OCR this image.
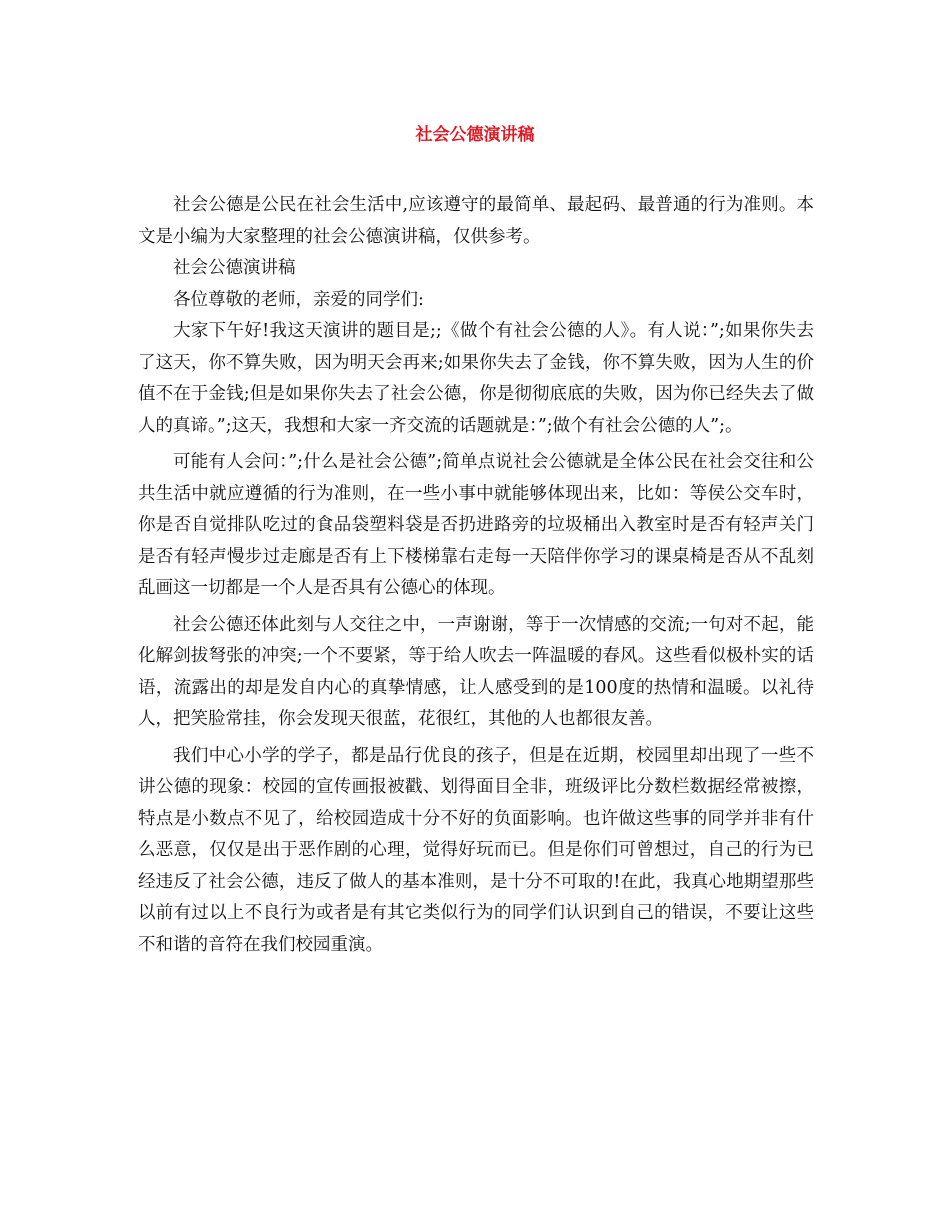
社会公德演讲稿

社会公德是公民在社会生活中,应该遵守的最简单、最起码、最普通的行为准则。本文是小编为大家整理的社会公德演讲稿，仅供参考。

社会公德演讲稿

各位尊敬的老师，亲爱的同学们:

大家下午好!我这天演讲的题目是;;《做个有社会公德的人》。有人说：”;如果你失去了这天，你不算失败，因为明天会再来;如果你失去了金钱，你不算失败，因为人生的价值不在于金钱;但是如果你失去了社会公德，你是彻彻底底的失败，因为你已经失去了做人的真谛。”;这天，我想和大家一齐交流的话题就是：”;做个有社会公德的人”;。

可能有人会问：”;什么是社会公德”;简单点说社会公德就是全体公民在社会交往和公共生活中就应遵循的行为准则，在一些小事中就能够体现出来，比如：等侯公交车时，你是否自觉排队吃过的食品袋塑料袋是否扔进路旁的垃圾桶出入教室时是否有轻声关门是否有轻声慢步过走廊是否有上下楼梯靠右走每一天陪伴你学习的课桌椅是否从不乱刻乱画这一切都是一个人是否具有公德心的体现。

社会公德还体此刻与人交往之中，一声谢谢，等于一次情感的交流;一句对不起，能化解剑拔弩张的冲突;一个不要紧，等于给人吹去一阵温暖的春风。这些看似极朴实的话语，流露出的却是发自内心的真挚情感，让人感受到的是100度的热情和温暖。以礼待人，把笑脸常挂，你会发现天很蓝，花很红，其他的人也都很友善。

我们中心小学的学子，都是品行优良的孩子，但是在近期，校园里却出现了一些不讲公德的现象：校园的宣传画报被戳、划得面目全非，班级评比分数栏数据经常被擦，特点是小数点不见了，给校园造成十分不好的负面影响。也许做这些事的同学并非有什么恶意，仅仅是出于恶作剧的心理，觉得好玩而已。但是你们可曾想过，自己的行为已经违反了社会公德，违反了做人的基本准则，是十分不可取的!在此，我真心地期望那些以前有过以上不良行为或者是有其它类似行为的同学们认识到自己的错误，不要让这些不和谐的音符在我们校园重演。
